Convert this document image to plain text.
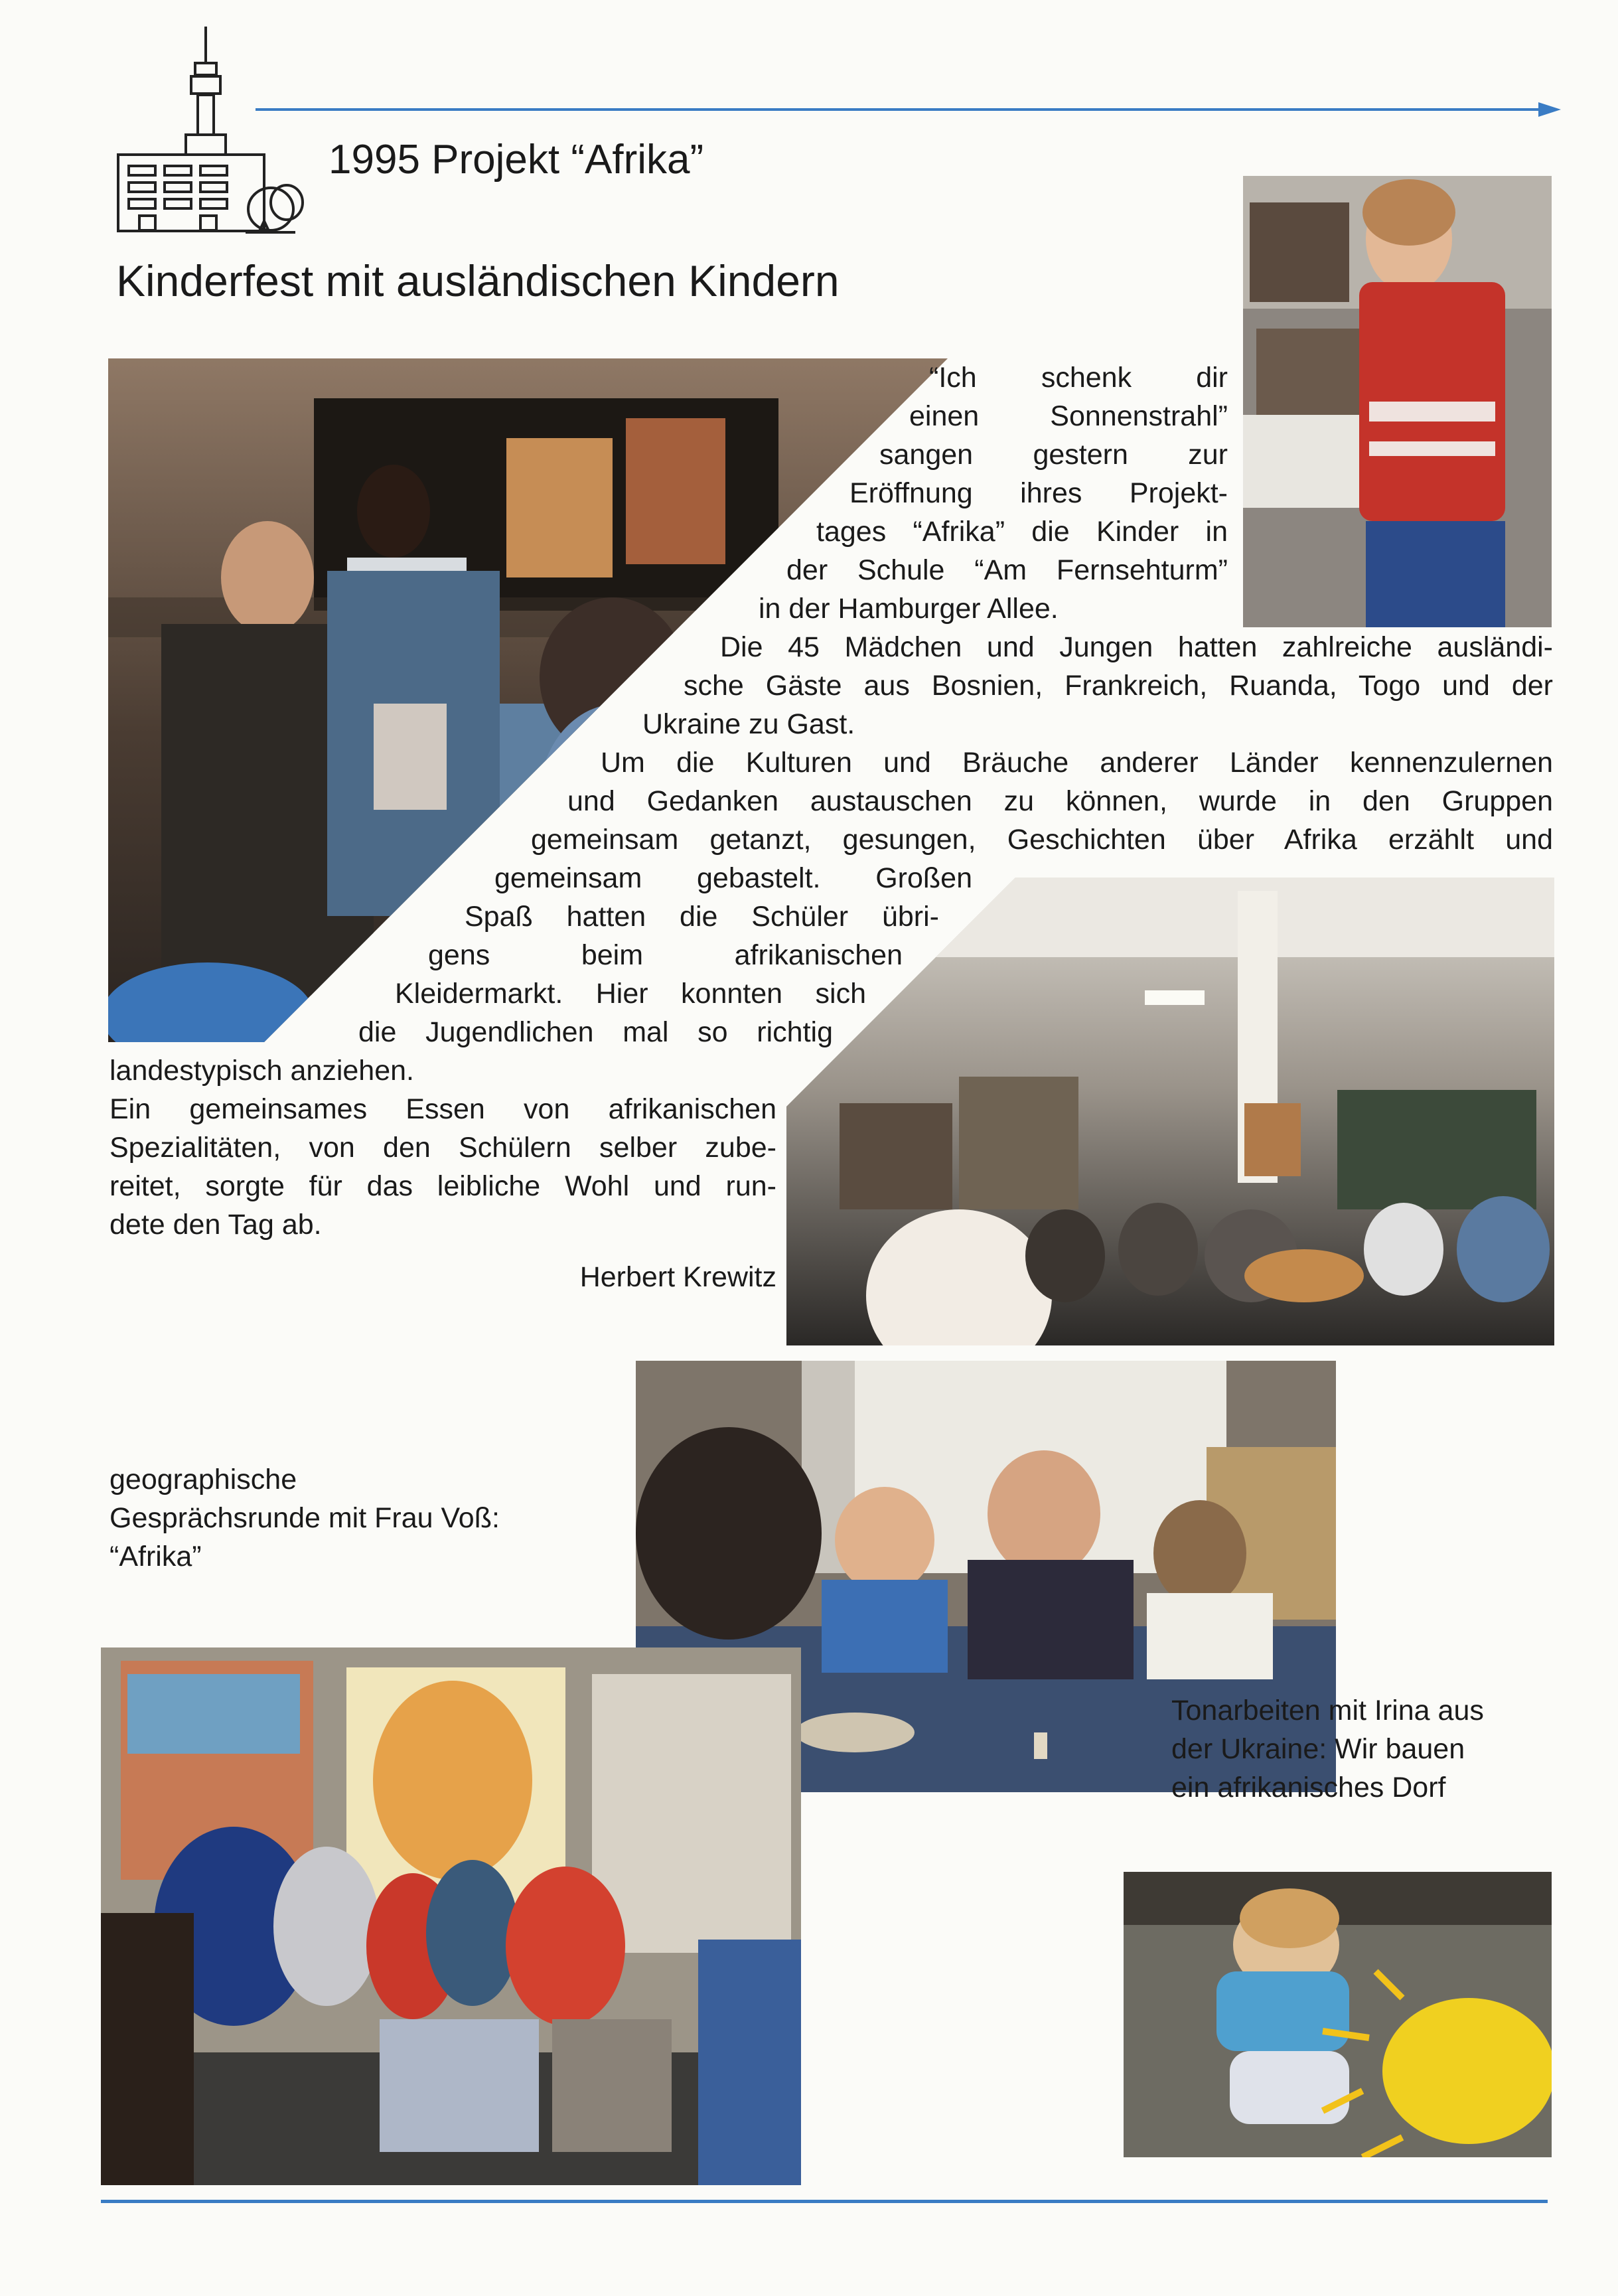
1995 Projekt “Afrika”
Kinderfest mit ausländischen Kindern
“Ich schenk dir
einen Sonnenstrahl”
sangen gestern zur
Eröffnung ihres Projekt-
tages “Afrika” die Kinder in
der Schule “Am Fernsehturm”
in der Hamburger Allee.
Die 45 Mädchen und Jungen hatten zahlreiche ausländi-
sche Gäste aus Bosnien, Frankreich, Ruanda, Togo und der
Ukraine zu Gast.
Um die Kulturen und Bräuche anderer Länder kennenzulernen
und Gedanken austauschen zu können, wurde in den Gruppen
gemeinsam getanzt, gesungen, Geschichten über Afrika erzählt und
gemeinsam gebastelt. Großen
Spaß hatten die Schüler übri-
gens beim afrikanischen
Kleidermarkt. Hier konnten sich
die Jugendlichen mal so richtig
landestypisch anziehen.
Ein gemeinsames Essen von afrikanischen
Spezialitäten, von den Schülern selber zube-
reitet, sorgte für das leibliche Wohl und run-
dete den Tag ab.
Herbert Krewitz
geographische
Gesprächsrunde mit Frau Voß:
“Afrika”
Tonarbeiten mit Irina aus
der Ukraine: Wir bauen
ein afrikanisches Dorf
